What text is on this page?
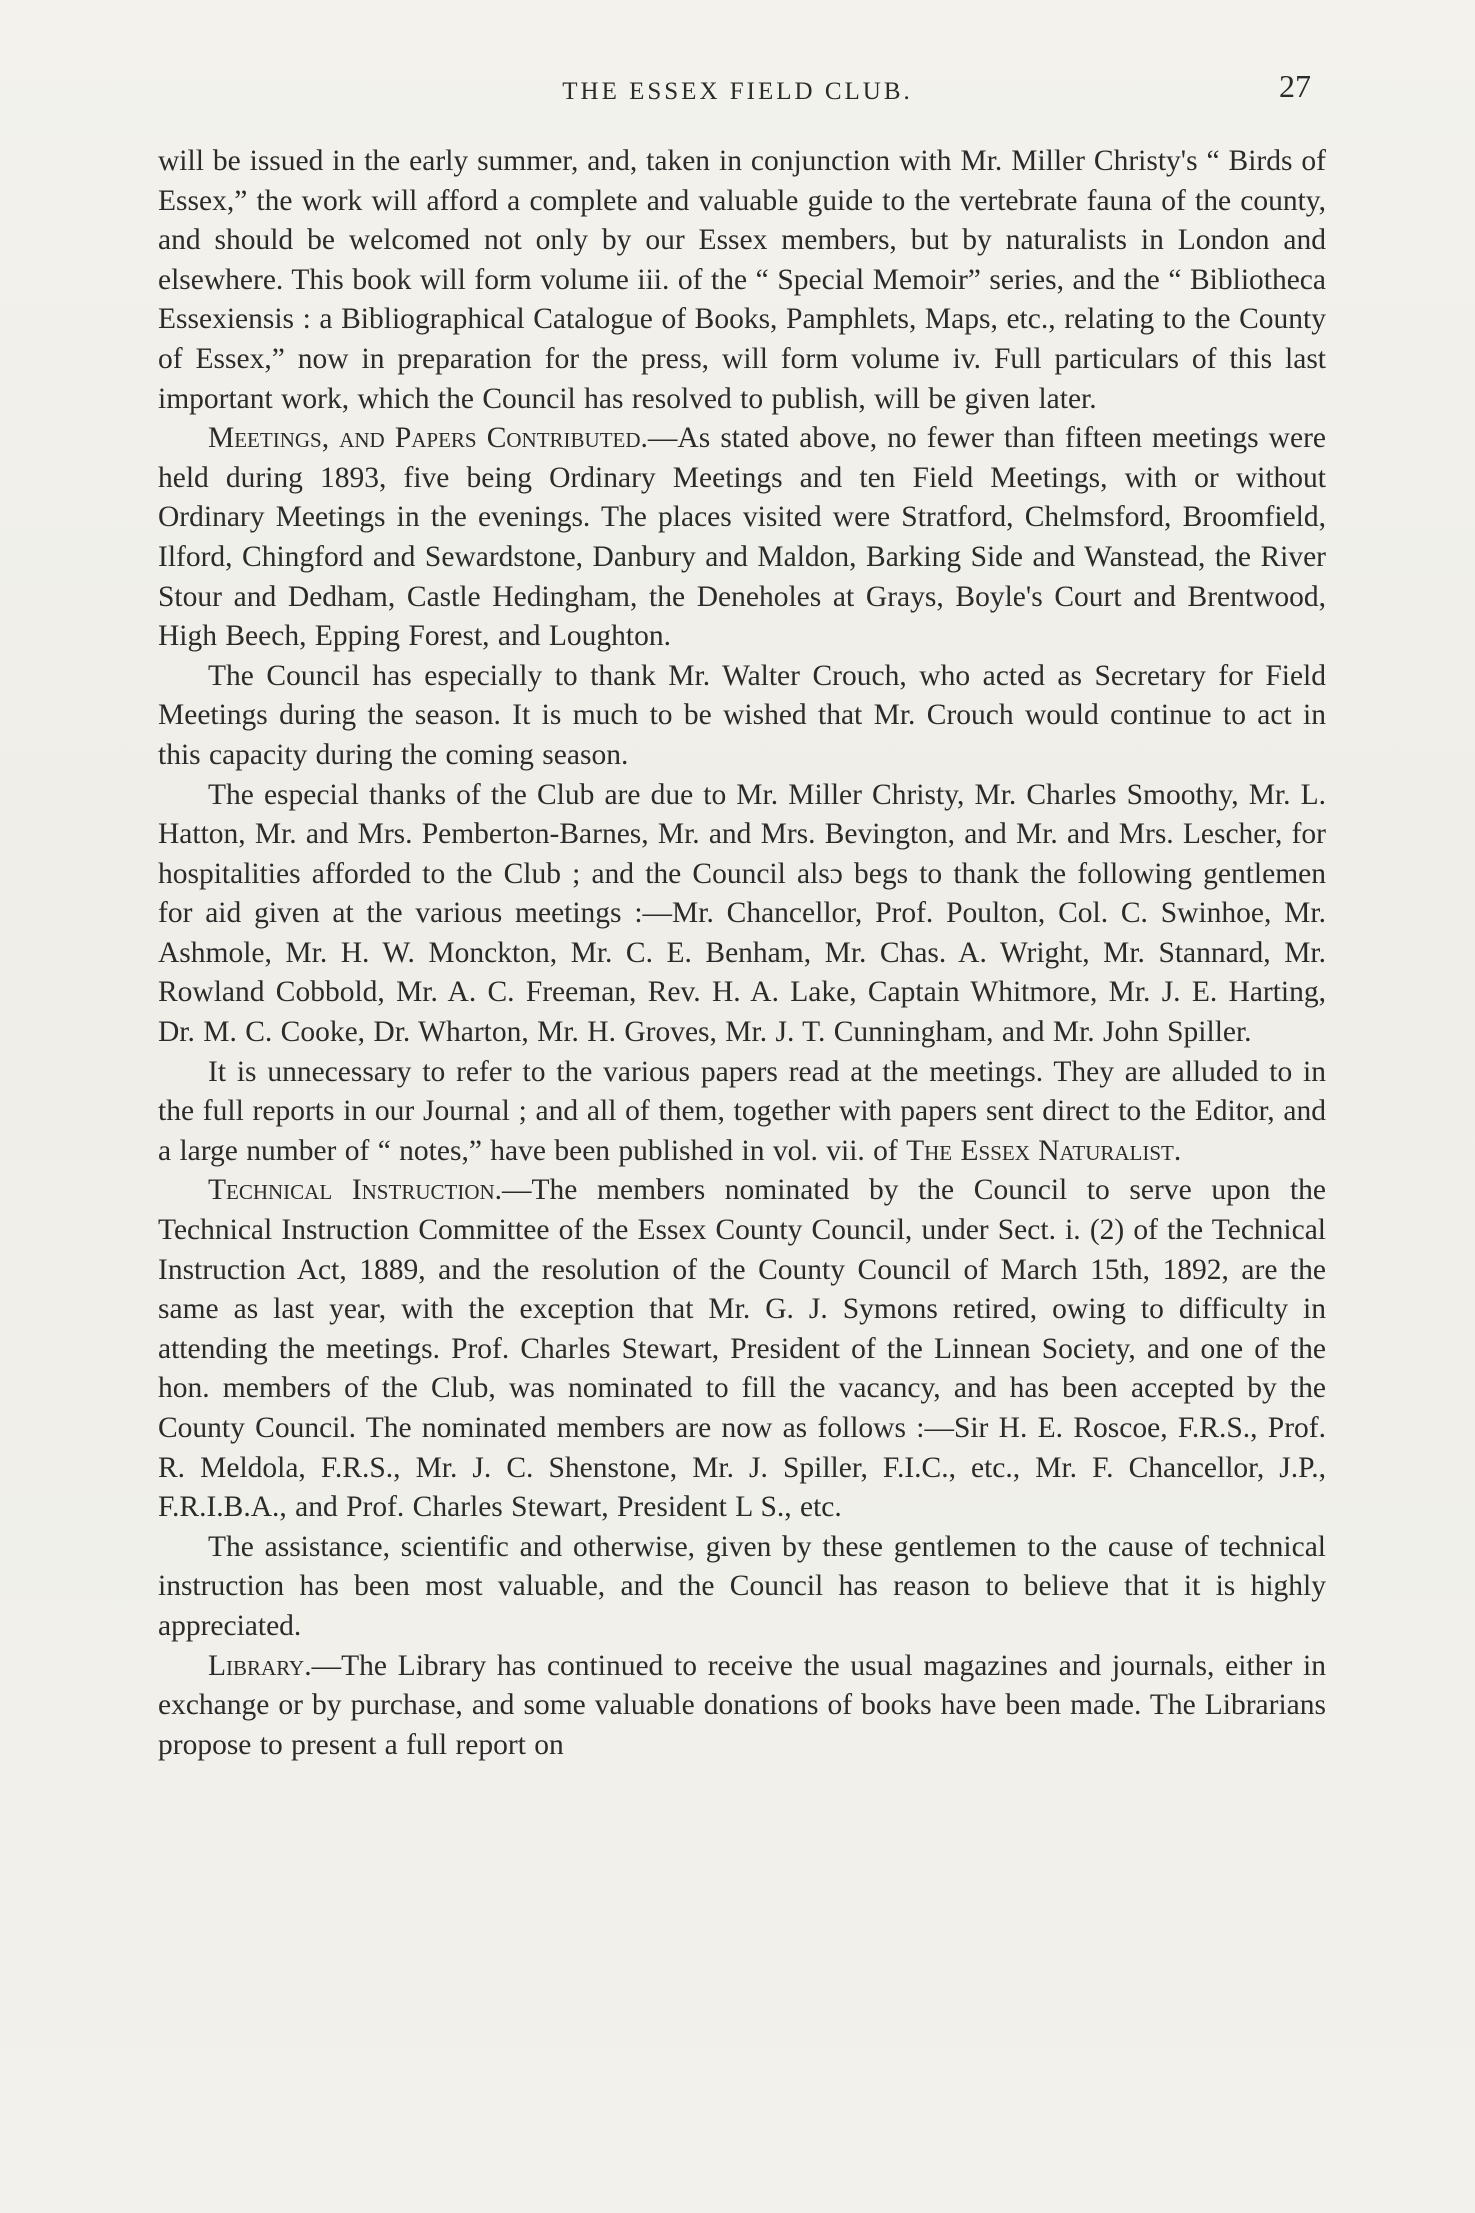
THE ESSEX FIELD CLUB.	27

will be issued in the early summer, and, taken in conjunction with Mr. Miller Christy's “ Birds of Essex,” the work will afford a complete and valuable guide to the vertebrate fauna of the county, and should be welcomed not only by our Essex members, but by naturalists in London and elsewhere. This book will form volume iii. of the “ Special Memoir” series, and the “ Bibliotheca Essexiensis : a Bibliographical Catalogue of Books, Pamphlets, Maps, etc., relating to the County of Essex,” now in preparation for the press, will form volume iv. Full particulars of this last important work, which the Council has resolved to publish, will be given later.

Meetings, and Papers Contributed.—As stated above, no fewer than fifteen meetings were held during 1893, five being Ordinary Meetings and ten Field Meetings, with or without Ordinary Meetings in the evenings. The places visited were Stratford, Chelmsford, Broomfield, Ilford, Chingford and Sewardstone, Danbury and Maldon, Barking Side and Wanstead, the River Stour and Dedham, Castle Hedingham, the Deneholes at Grays, Boyle's Court and Brentwood, High Beech, Epping Forest, and Loughton.

The Council has especially to thank Mr. Walter Crouch, who acted as Secretary for Field Meetings during the season. It is much to be wished that Mr. Crouch would continue to act in this capacity during the coming season.

The especial thanks of the Club are due to Mr. Miller Christy, Mr. Charles Smoothy, Mr. L. Hatton, Mr. and Mrs. Pemberton-Barnes, Mr. and Mrs. Bevington, and Mr. and Mrs. Lescher, for hospitalities afforded to the Club ; and the Council alsɔ begs to thank the following gentlemen for aid given at the various meetings :—Mr. Chancellor, Prof. Poulton, Col. C. Swinhoe, Mr. Ashmole, Mr. H. W. Monckton, Mr. C. E. Benham, Mr. Chas. A. Wright, Mr. Stannard, Mr. Rowland Cobbold, Mr. A. C. Freeman, Rev. H. A. Lake, Captain Whitmore, Mr. J. E. Harting, Dr. M. C. Cooke, Dr. Wharton, Mr. H. Groves, Mr. J. T. Cunningham, and Mr. John Spiller.

It is unnecessary to refer to the various papers read at the meetings. They are alluded to in the full reports in our Journal ; and all of them, together with papers sent direct to the Editor, and a large number of “ notes,” have been published in vol. vii. of The Essex Naturalist.

Technical Instruction.—The members nominated by the Council to serve upon the Technical Instruction Committee of the Essex County Council, under Sect. i. (2) of the Technical Instruction Act, 1889, and the resolution of the County Council of March 15th, 1892, are the same as last year, with the exception that Mr. G. J. Symons retired, owing to difficulty in attending the meetings. Prof. Charles Stewart, President of the Linnean Society, and one of the hon. members of the Club, was nominated to fill the vacancy, and has been accepted by the County Council. The nominated members are now as follows :—Sir H. E. Roscoe, F.R.S., Prof. R. Meldola, F.R.S., Mr. J. C. Shenstone, Mr. J. Spiller, F.I.C., etc., Mr. F. Chancellor, J.P., F.R.I.B.A., and Prof. Charles Stewart, President L S., etc.

The assistance, scientific and otherwise, given by these gentlemen to the cause of technical instruction has been most valuable, and the Council has reason to believe that it is highly appreciated.

Library.—The Library has continued to receive the usual magazines and journals, either in exchange or by purchase, and some valuable donations of books have been made. The Librarians propose to present a full report on
